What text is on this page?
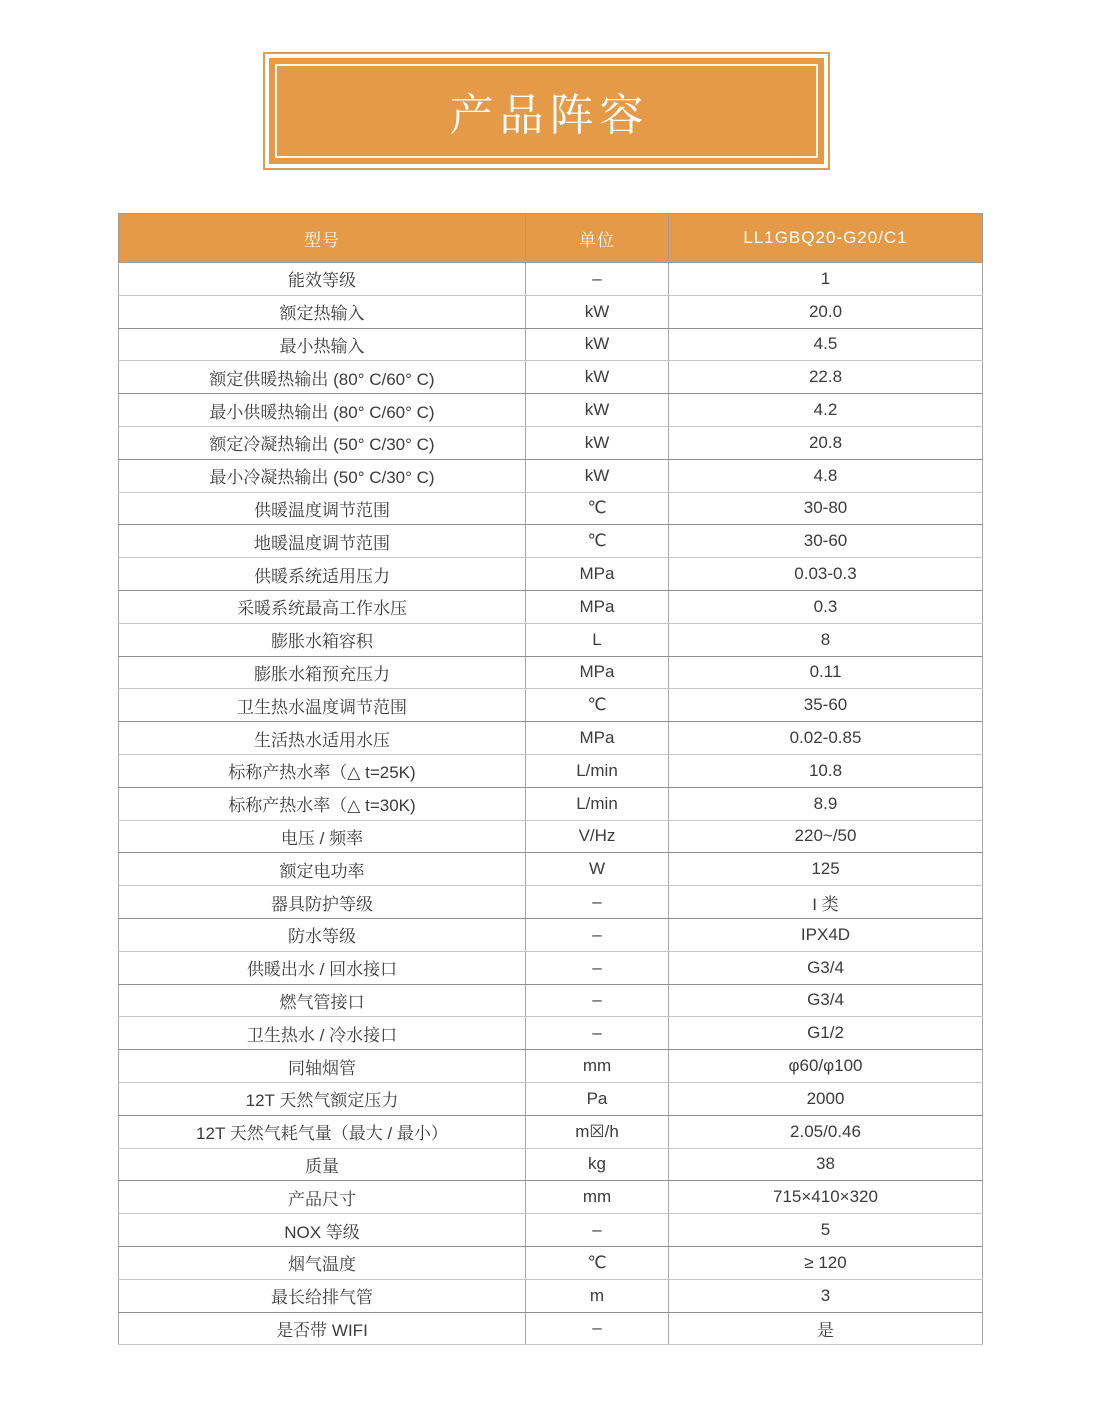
产品阵容
型号	单位	LL1GBQ20-G20/C1
能效等级	–	1
额定热输入	kW	20.0
最小热输入	kW	4.5
额定供暖热输出 (80° C/60° C)	kW	22.8
最小供暖热输出 (80° C/60° C)	kW	4.2
额定冷凝热输出 (50° C/30° C)	kW	20.8
最小冷凝热输出 (50° C/30° C)	kW	4.8
供暖温度调节范围	℃	30-80
地暖温度调节范围	℃	30-60
供暖系统适用压力	MPa	0.03-0.3
采暖系统最高工作水压	MPa	0.3
膨胀水箱容积	L	8
膨胀水箱预充压力	MPa	0.11
卫生热水温度调节范围	℃	35-60
生活热水适用水压	MPa	0.02-0.85
标称产热水率（△ t=25K)	L/min	10.8
标称产热水率（△ t=30K)	L/min	8.9
电压 / 频率	V/Hz	220~/50
额定电功率	W	125
器具防护等级	–	I 类
防水等级	–	IPX4D
供暖出水 / 回水接口	–	G3/4
燃气管接口	–	G3/4
卫生热水 / 冷水接口	–	G1/2
同轴烟管	mm	φ60/φ100
12T 天然气额定压力	Pa	2000
12T 天然气耗气量（最大 / 最小）	m☒/h	2.05/0.46
质量	kg	38
产品尺寸	mm	715×410×320
NOX 等级	–	5
烟气温度	℃	≥ 120
最长给排气管	m	3
是否带 WIFI	–	是
